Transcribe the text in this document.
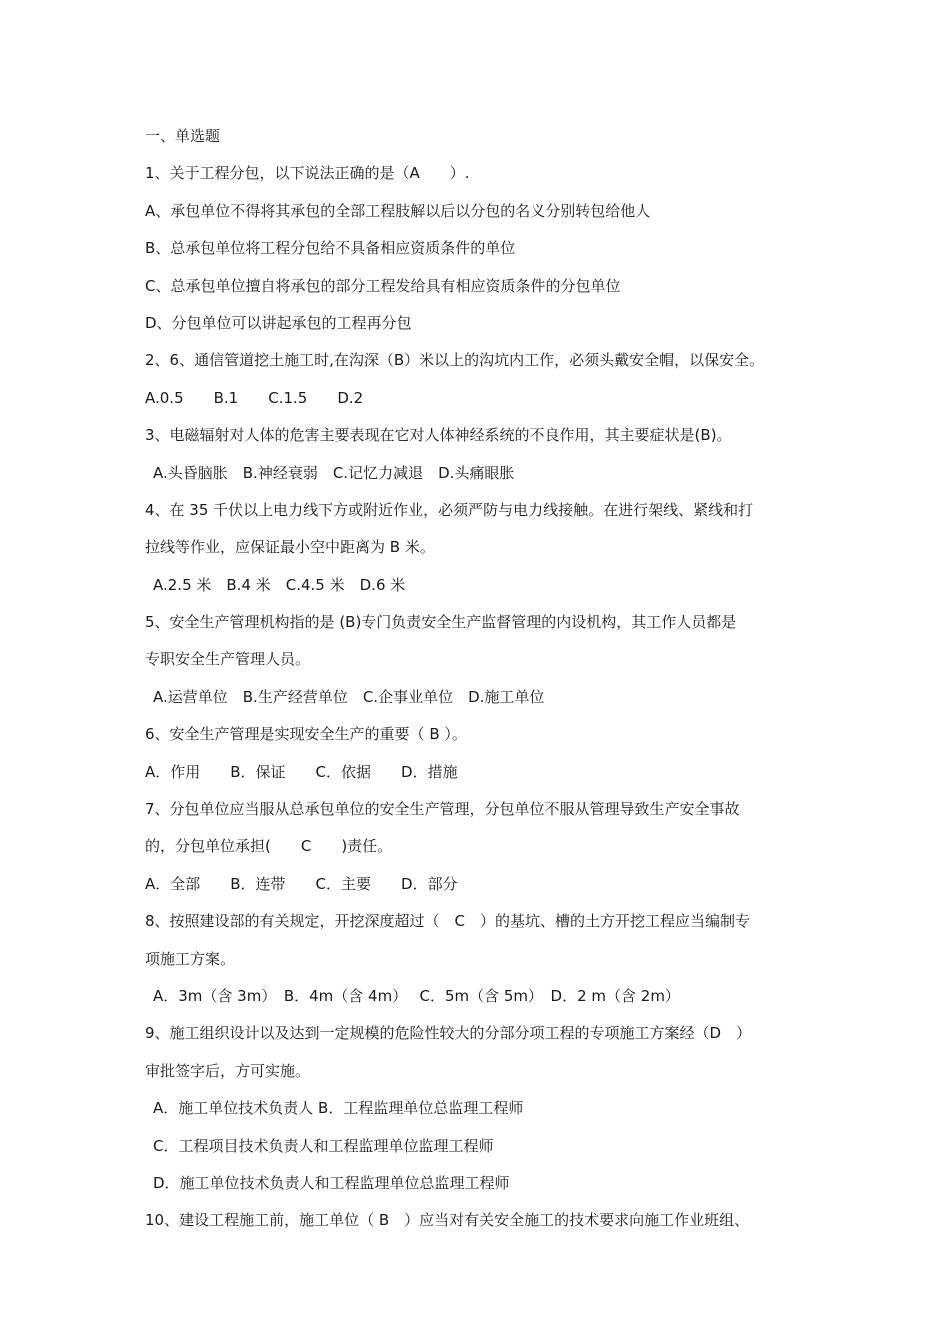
一、单选题
1、关于工程分包，以下说法正确的是（A　　）.
A、承包单位不得将其承包的全部工程肢解以后以分包的名义分别转包给他人
B、总承包单位将工程分包给不具备相应资质条件的单位
C、总承包单位擅自将承包的部分工程发给具有相应资质条件的分包单位
D、分包单位可以讲起承包的工程再分包
2、6、通信管道挖土施工时,在沟深（B）米以上的沟坑内工作，必须头戴安全帽，以保安全。
A.0.5　　B.1　　C.1.5　　D.2
3、电磁辐射对人体的危害主要表现在它对人体神经系统的不良作用，其主要症状是(B)。
A.头昏脑胀　B.神经衰弱　C.记忆力减退　D.头痛眼胀
4、在 35 千伏以上电力线下方或附近作业，必须严防与电力线接触。在进行架线、紧线和打
拉线等作业，应保证最小空中距离为 B 米。
A.2.5 米　B.4 米　C.4.5 米　D.6 米
5、安全生产管理机构指的是 (B)专门负责安全生产监督管理的内设机构，其工作人员都是
专职安全生产管理人员。
A.运营单位　B.生产经营单位　C.企事业单位　D.施工单位
6、安全生产管理是实现安全生产的重要（ B ）。
A．作用　　B．保证　　C．依据　　D．措施
7、分包单位应当服从总承包单位的安全生产管理，分包单位不服从管理导致生产安全事故
的，分包单位承担(　　C　　)责任。
A．全部　　B．连带　　C．主要　　D．部分
8、按照建设部的有关规定，开挖深度超过（　C　）的基坑、槽的土方开挖工程应当编制专
项施工方案。
A．3m（含 3m）　B．4m（含 4m）　 C．5m（含 5m）　D．2 m（含 2m）
9、施工组织设计以及达到一定规模的危险性较大的分部分项工程的专项施工方案经（D　）
审批签字后，方可实施。
A．施工单位技术负责人 B．工程监理单位总监理工程师
C．工程项目技术负责人和工程监理单位监理工程师
D．施工单位技术负责人和工程监理单位总监理工程师
10、建设工程施工前，施工单位（ B　）应当对有关安全施工的技术要求向施工作业班组、
